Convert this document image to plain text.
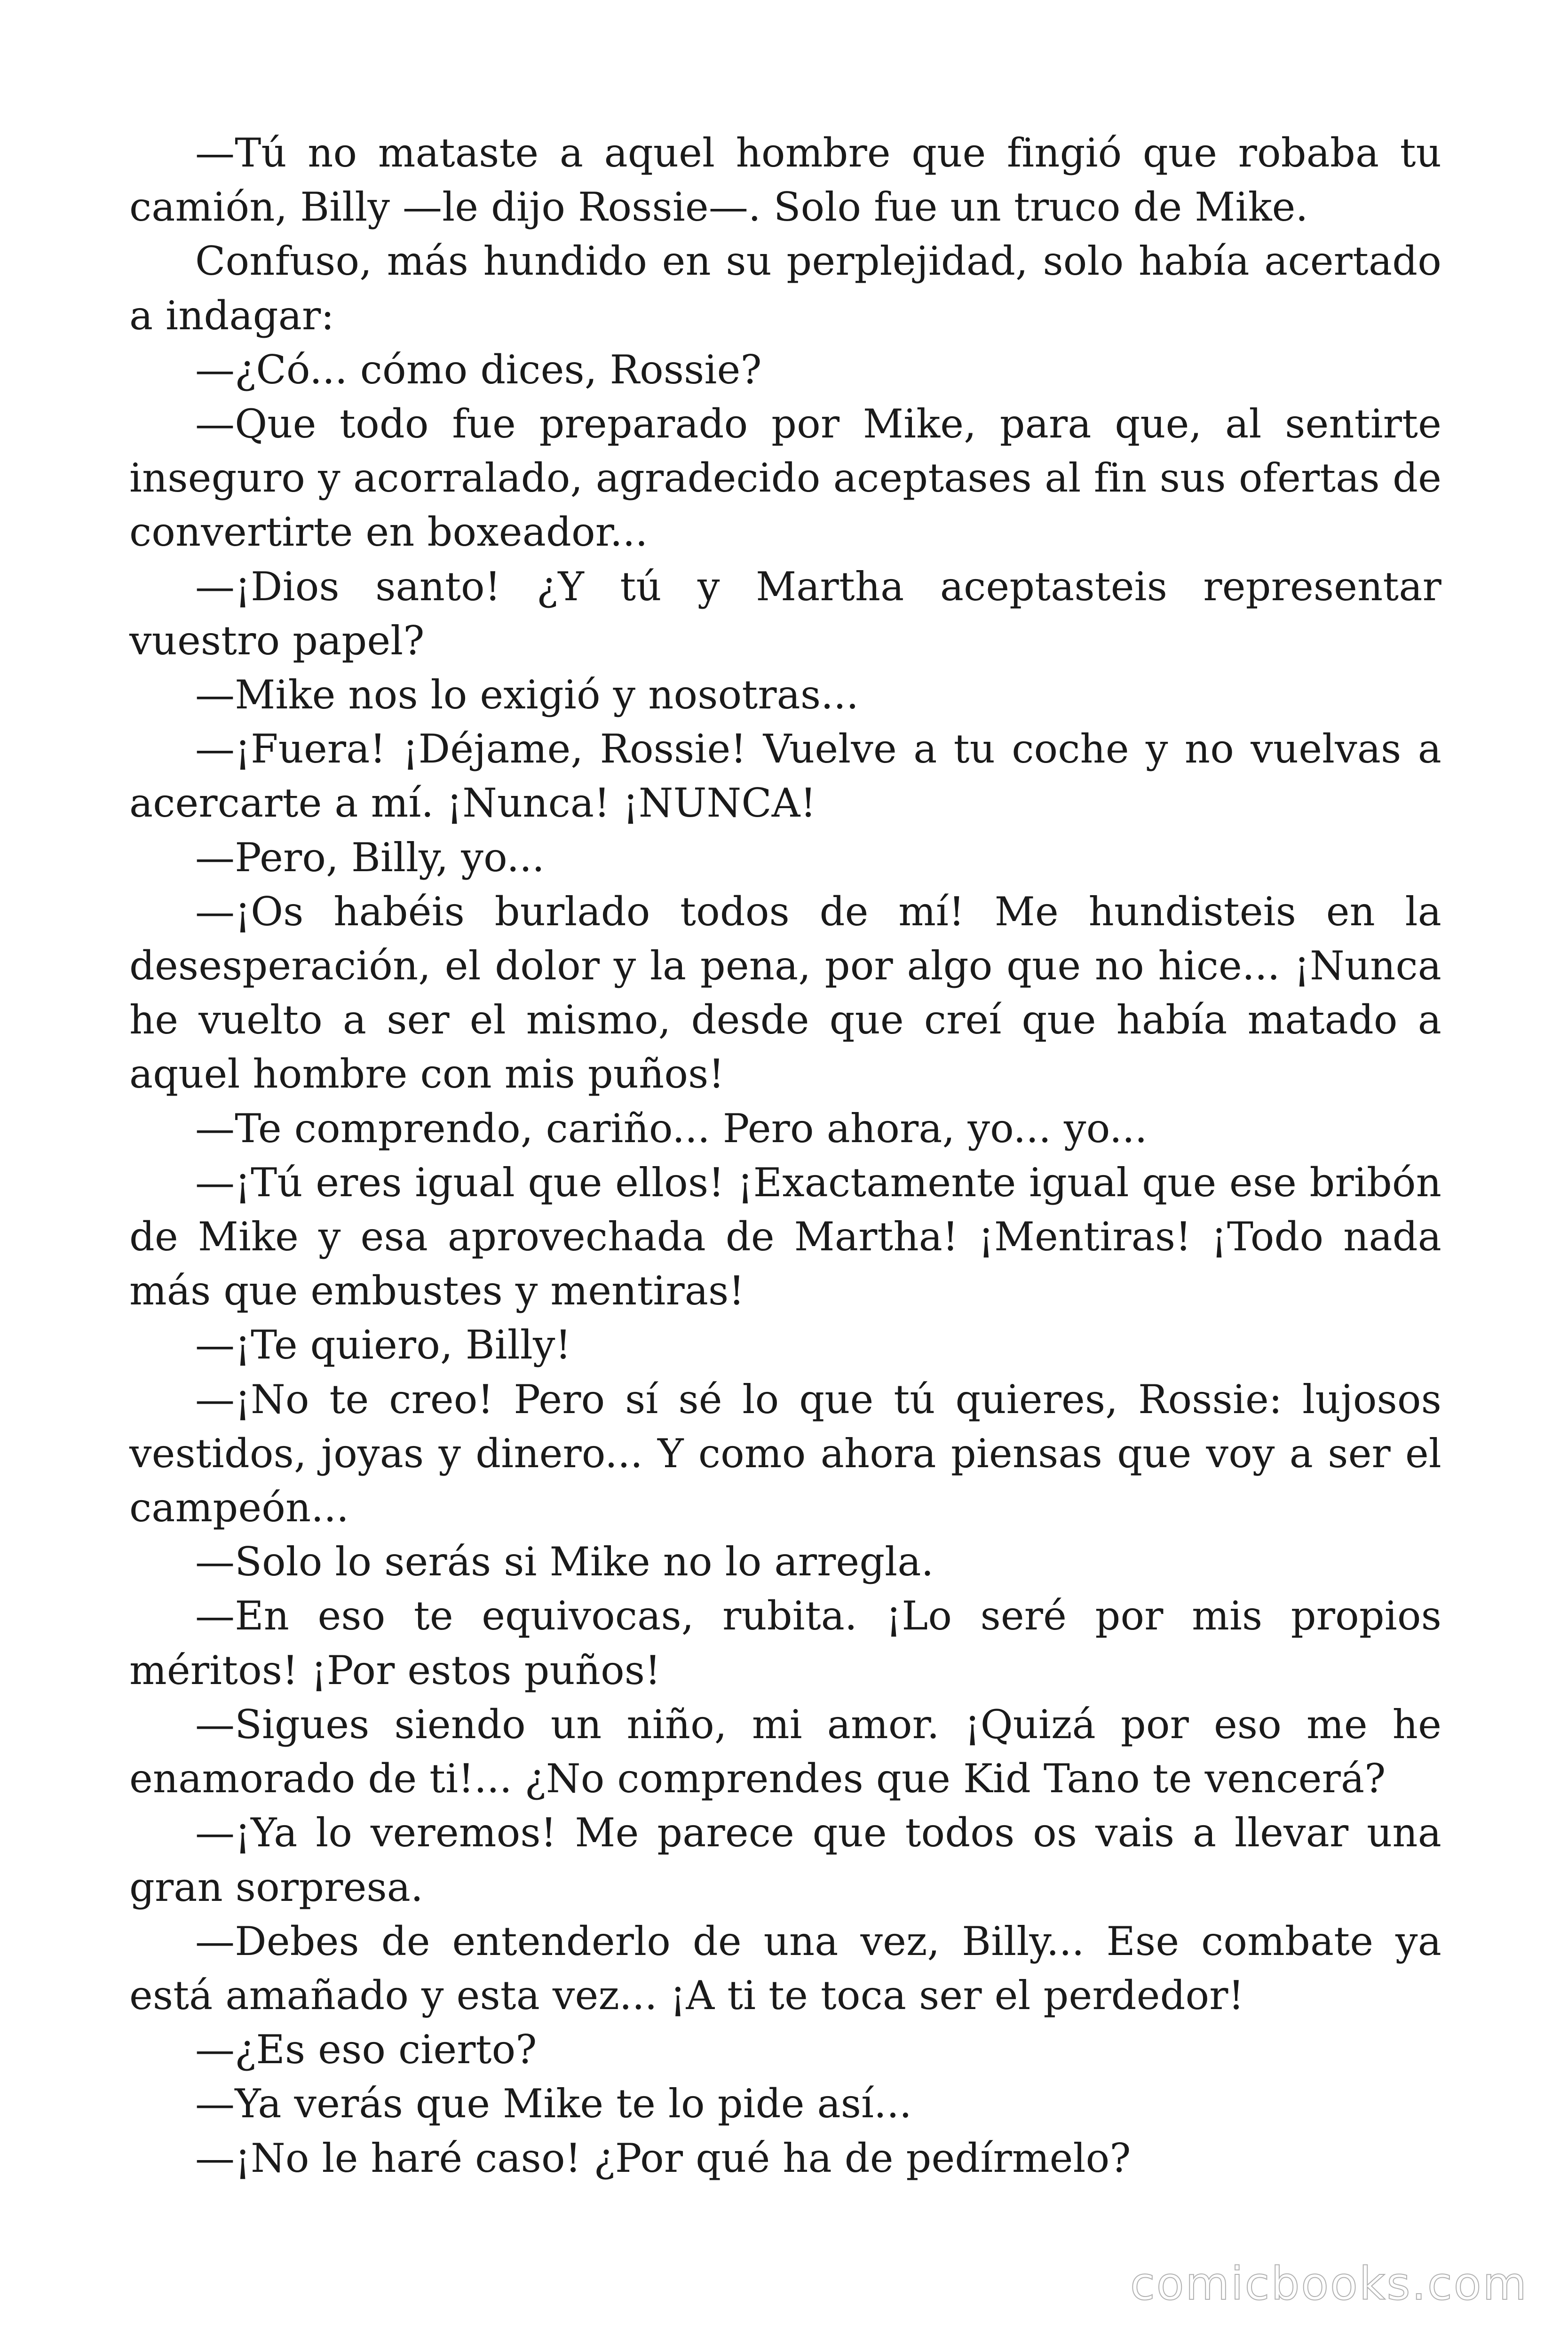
—Tú no mataste a aquel hombre que fingió que robaba tu camión, Billy —le dijo Rossie—. Solo fue un truco de Mike.

Confuso, más hundido en su perplejidad, solo había acertado a indagar:

—¿Có... cómo dices, Rossie?

—Que todo fue preparado por Mike, para que, al sentirte inseguro y acorralado, agradecido aceptases al fin sus ofertas de convertirte en boxeador...

—¡Dios santo! ¿Y tú y Martha aceptasteis representar vuestro papel?

—Mike nos lo exigió y nosotras...

—¡Fuera! ¡Déjame, Rossie! Vuelve a tu coche y no vuelvas a acercarte a mí. ¡Nunca! ¡NUNCA!

—Pero, Billy, yo...

—¡Os habéis burlado todos de mí! Me hundisteis en la desesperación, el dolor y la pena, por algo que no hice... ¡Nunca he vuelto a ser el mismo, desde que creí que había matado a aquel hombre con mis puños!

—Te comprendo, cariño... Pero ahora, yo... yo...

—¡Tú eres igual que ellos! ¡Exactamente igual que ese bribón de Mike y esa aprovechada de Martha! ¡Mentiras! ¡Todo nada más que embustes y mentiras!

—¡Te quiero, Billy!

—¡No te creo! Pero sí sé lo que tú quieres, Rossie: lujosos vestidos, joyas y dinero... Y como ahora piensas que voy a ser el campeón...

—Solo lo serás si Mike no lo arregla.

—En eso te equivocas, rubita. ¡Lo seré por mis propios méritos! ¡Por estos puños!

—Sigues siendo un niño, mi amor. ¡Quizá por eso me he enamorado de ti!... ¿No comprendes que Kid Tano te vencerá?

—¡Ya lo veremos! Me parece que todos os vais a llevar una gran sorpresa.

—Debes de entenderlo de una vez, Billy... Ese combate ya está amañado y esta vez... ¡A ti te toca ser el perdedor!

—¿Es eso cierto?

—Ya verás que Mike te lo pide así...

—¡No le haré caso! ¿Por qué ha de pedírmelo?

comicbooks.com
